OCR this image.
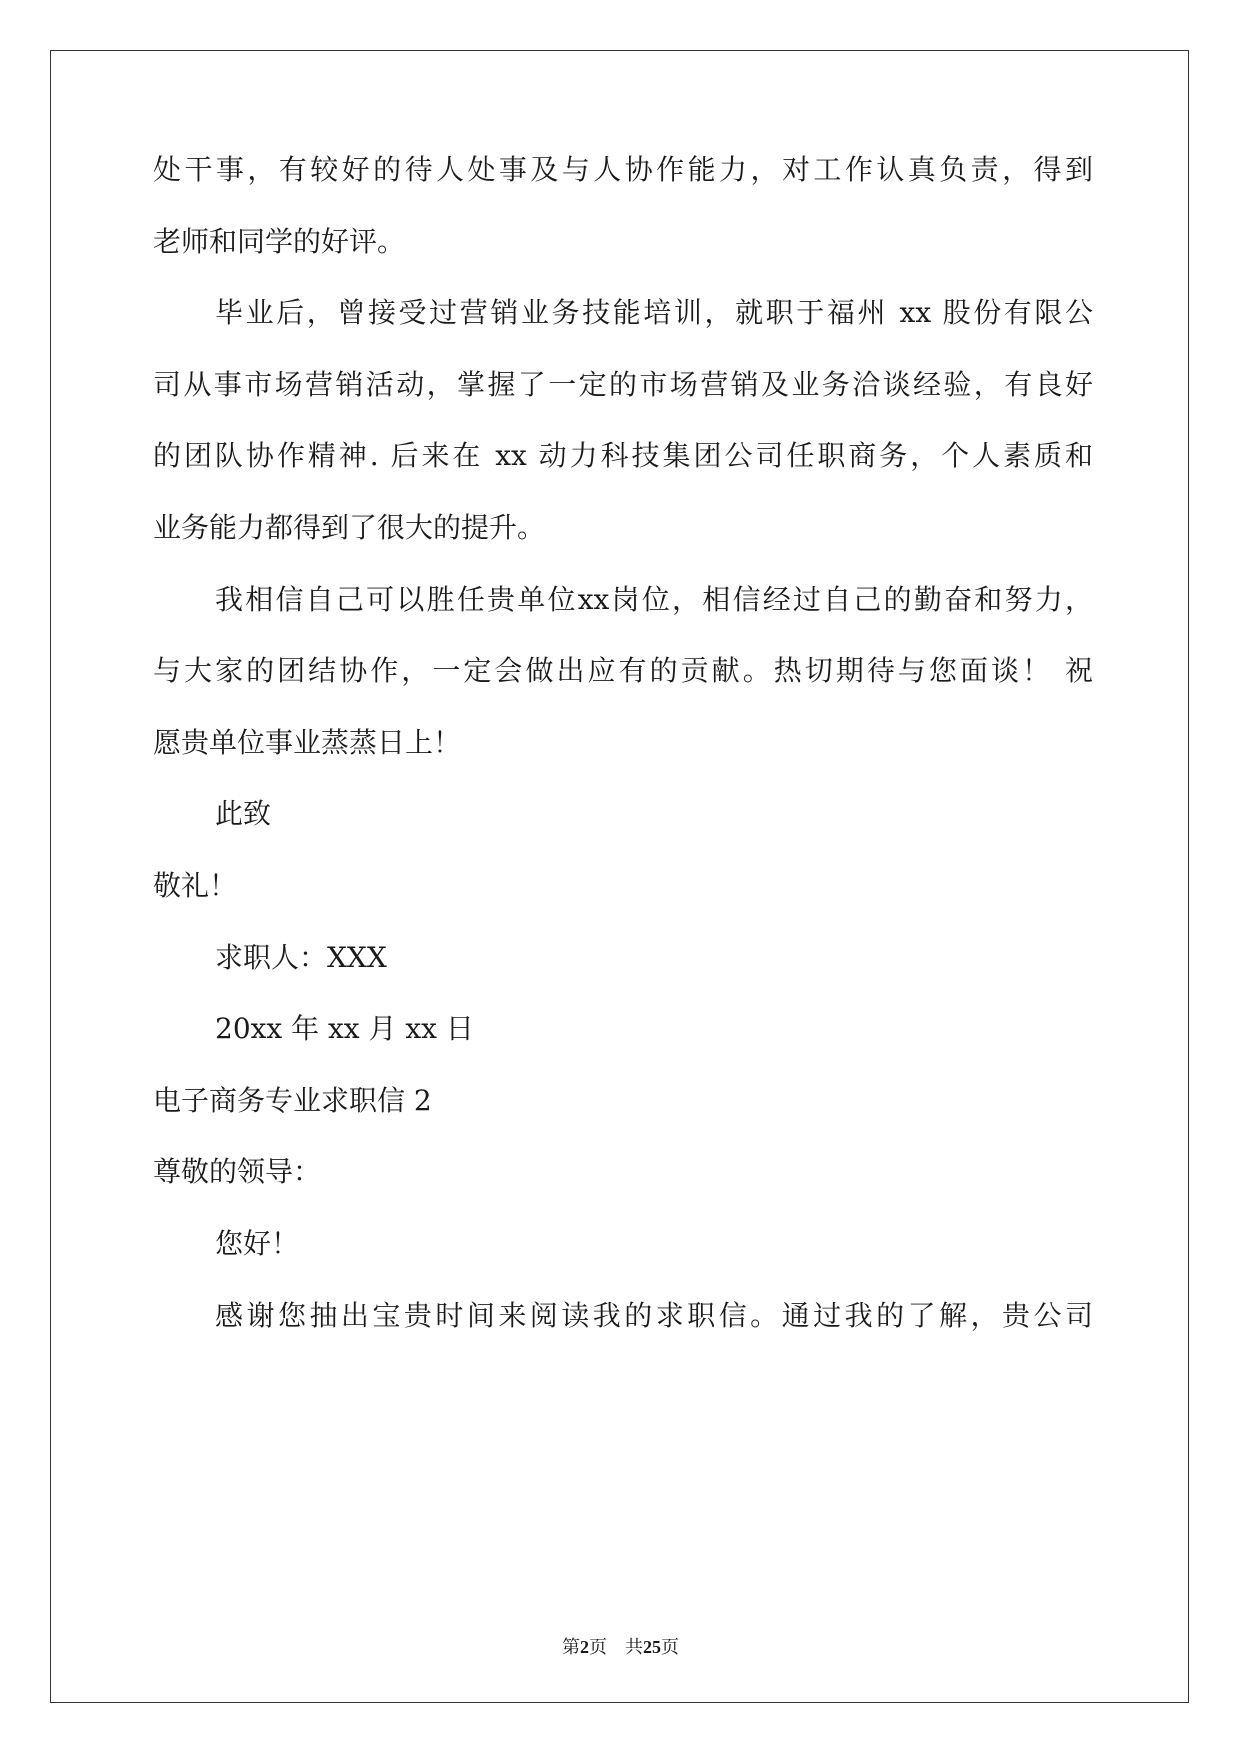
处干事，有较好的待人处事及与人协作能力，对工作认真负责，得到
老师和同学的好评。
毕业后，曾接受过营销业务技能培训，就职于福州 xx 股份有限公
司从事市场营销活动，掌握了一定的市场营销及业务洽谈经验，有良好
的团队协作精神. 后来在 xx 动力科技集团公司任职商务，个人素质和
业务能力都得到了很大的提升。
我相信自己可以胜任贵单位xx岗位，相信经过自己的勤奋和努力，
与大家的团结协作，一定会做出应有的贡献。热切期待与您面谈！ 祝
愿贵单位事业蒸蒸日上！
此致
敬礼！
求职人：XXX
20xx 年 xx 月 xx 日
电子商务专业求职信 2
尊敬的领导：
您好！
感谢您抽出宝贵时间来阅读我的求职信。通过我的了解，贵公司
第2页　共25页
